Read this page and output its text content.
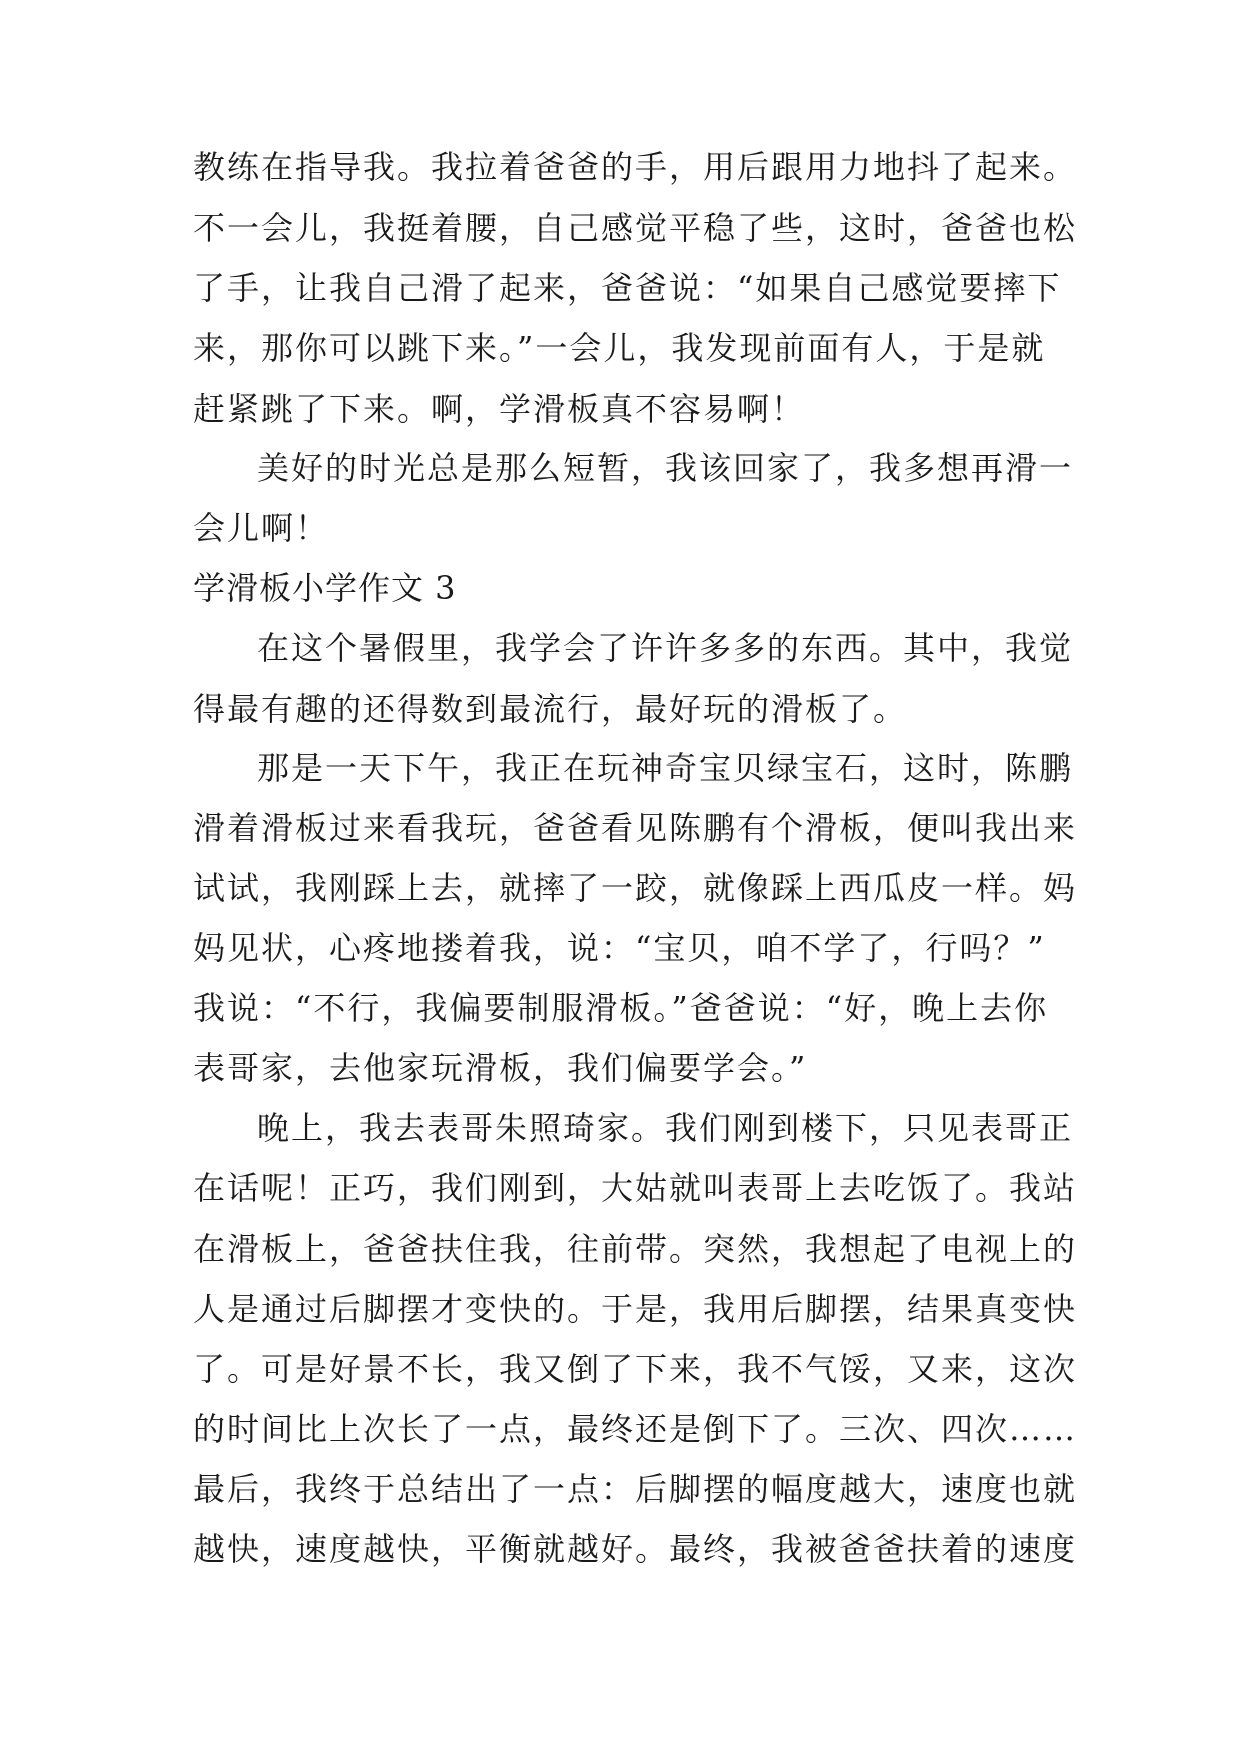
教练在指导我。我拉着爸爸的手，用后跟用力地抖了起来。
不一会儿，我挺着腰，自己感觉平稳了些，这时，爸爸也松
了手，让我自己滑了起来，爸爸说：“如果自己感觉要摔下
来，那你可以跳下来。”一会儿，我发现前面有人，于是就
赶紧跳了下来。啊，学滑板真不容易啊！
美好的时光总是那么短暂，我该回家了，我多想再滑一
会儿啊！
学滑板小学作文 3
在这个暑假里，我学会了许许多多的东西。其中，我觉
得最有趣的还得数到最流行，最好玩的滑板了。
那是一天下午，我正在玩神奇宝贝绿宝石，这时，陈鹏
滑着滑板过来看我玩，爸爸看见陈鹏有个滑板，便叫我出来
试试，我刚踩上去，就摔了一跤，就像踩上西瓜皮一样。妈
妈见状，心疼地搂着我，说：“宝贝，咱不学了，行吗？”
我说：“不行，我偏要制服滑板。”爸爸说：“好，晚上去你
表哥家，去他家玩滑板，我们偏要学会。”
晚上，我去表哥朱照琦家。我们刚到楼下，只见表哥正
在话呢！正巧，我们刚到，大姑就叫表哥上去吃饭了。我站
在滑板上，爸爸扶住我，往前带。突然，我想起了电视上的
人是通过后脚摆才变快的。于是，我用后脚摆，结果真变快
了。可是好景不长，我又倒了下来，我不气馁，又来，这次
的时间比上次长了一点，最终还是倒下了。三次、四次……
最后，我终于总结出了一点：后脚摆的幅度越大，速度也就
越快，速度越快，平衡就越好。最终，我被爸爸扶着的速度
